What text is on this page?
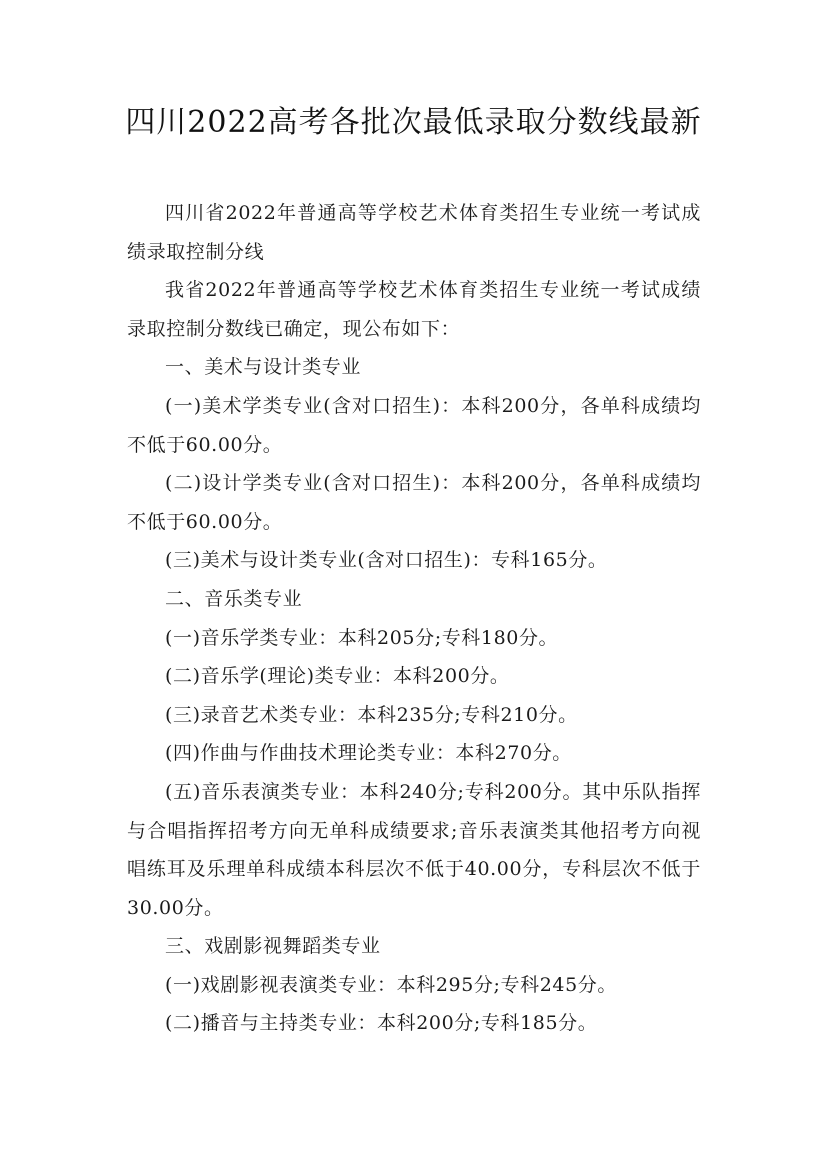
四川2022高考各批次最低录取分数线最新

四川省2022年普通高等学校艺术体育类招生专业统一考试成绩录取控制分线

我省2022年普通高等学校艺术体育类招生专业统一考试成绩录取控制分数线已确定，现公布如下：

一、美术与设计类专业

(一)美术学类专业(含对口招生)：本科200分，各单科成绩均不低于60.00分。

(二)设计学类专业(含对口招生)：本科200分，各单科成绩均不低于60.00分。

(三)美术与设计类专业(含对口招生)：专科165分。

二、音乐类专业

(一)音乐学类专业：本科205分;专科180分。

(二)音乐学(理论)类专业：本科200分。

(三)录音艺术类专业：本科235分;专科210分。

(四)作曲与作曲技术理论类专业：本科270分。

(五)音乐表演类专业：本科240分;专科200分。其中乐队指挥与合唱指挥招考方向无单科成绩要求;音乐表演类其他招考方向视唱练耳及乐理单科成绩本科层次不低于40.00分，专科层次不低于30.00分。

三、戏剧影视舞蹈类专业

(一)戏剧影视表演类专业：本科295分;专科245分。

(二)播音与主持类专业：本科200分;专科185分。
